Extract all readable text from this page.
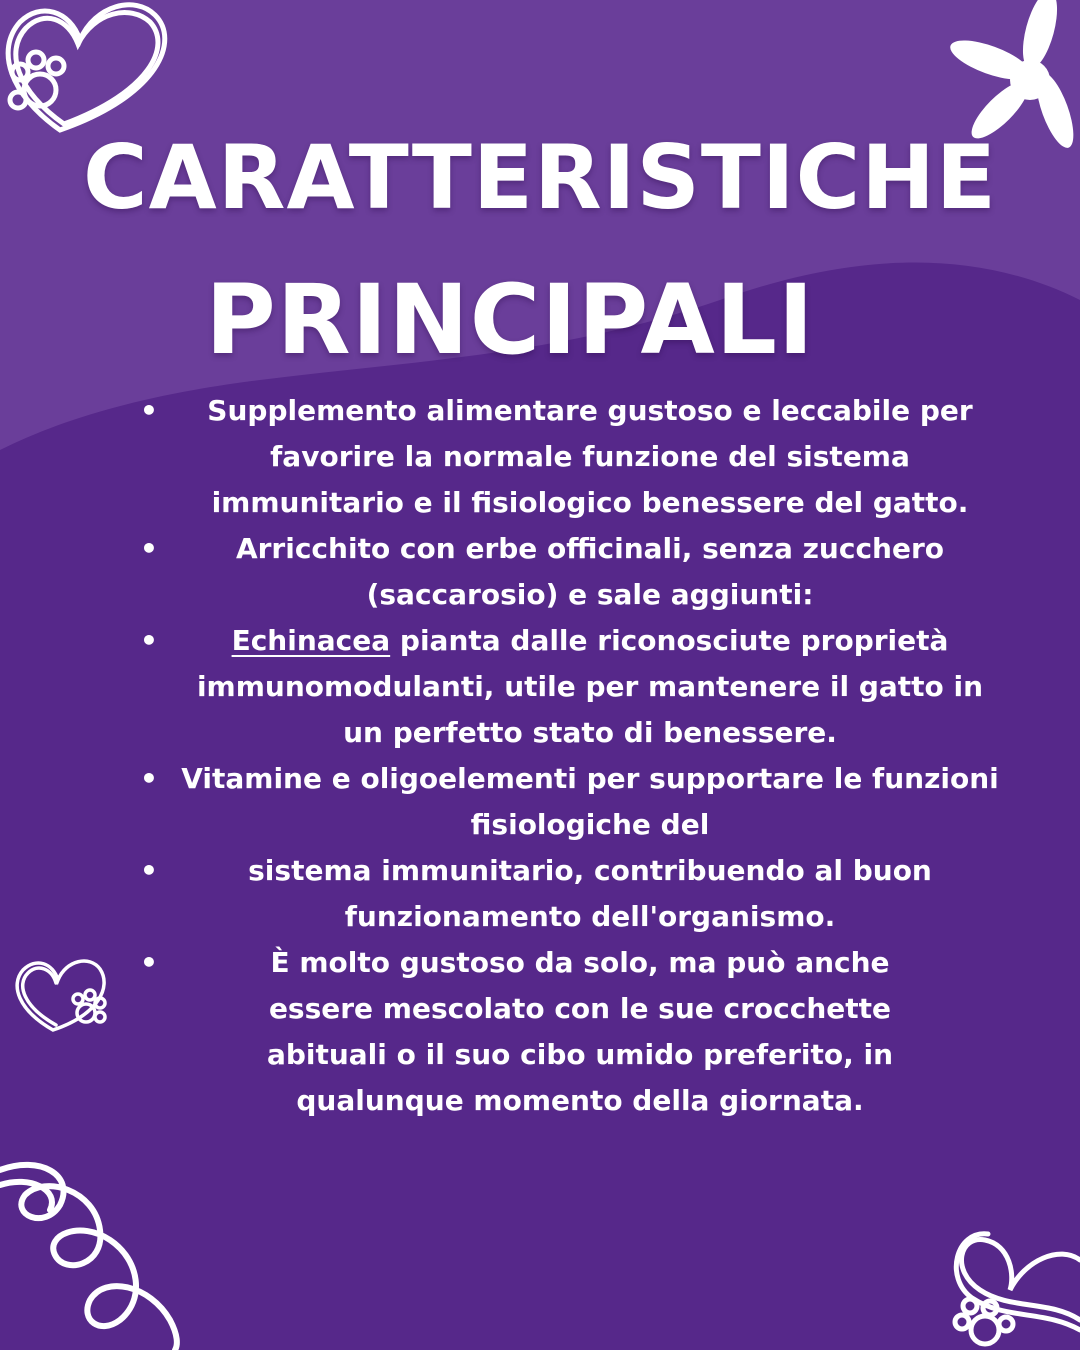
CARATTERISTICHE
PRINCIPALI
• Supplemento alimentare gustoso e leccabile per favorire la normale funzione del sistema immunitario e il fisiologico benessere del gatto.
•	Arricchito con erbe officinali, senza zucchero (saccarosio) e sale aggiunti:
•	Echinacea pianta dalle riconosciute proprietà immunomodulanti, utile per mantenere il gatto in un perfetto stato di benessere.
• Vitamine e oligoelementi per supportare le funzioni fisiologiche del
•	sistema immunitario, contribuendo al buon funzionamento dell'organismo.
•	È molto gustoso da solo, ma può anche essere mescolato con le sue crocchette abituali o il suo cibo umido preferito, in qualunque momento della giornata.
